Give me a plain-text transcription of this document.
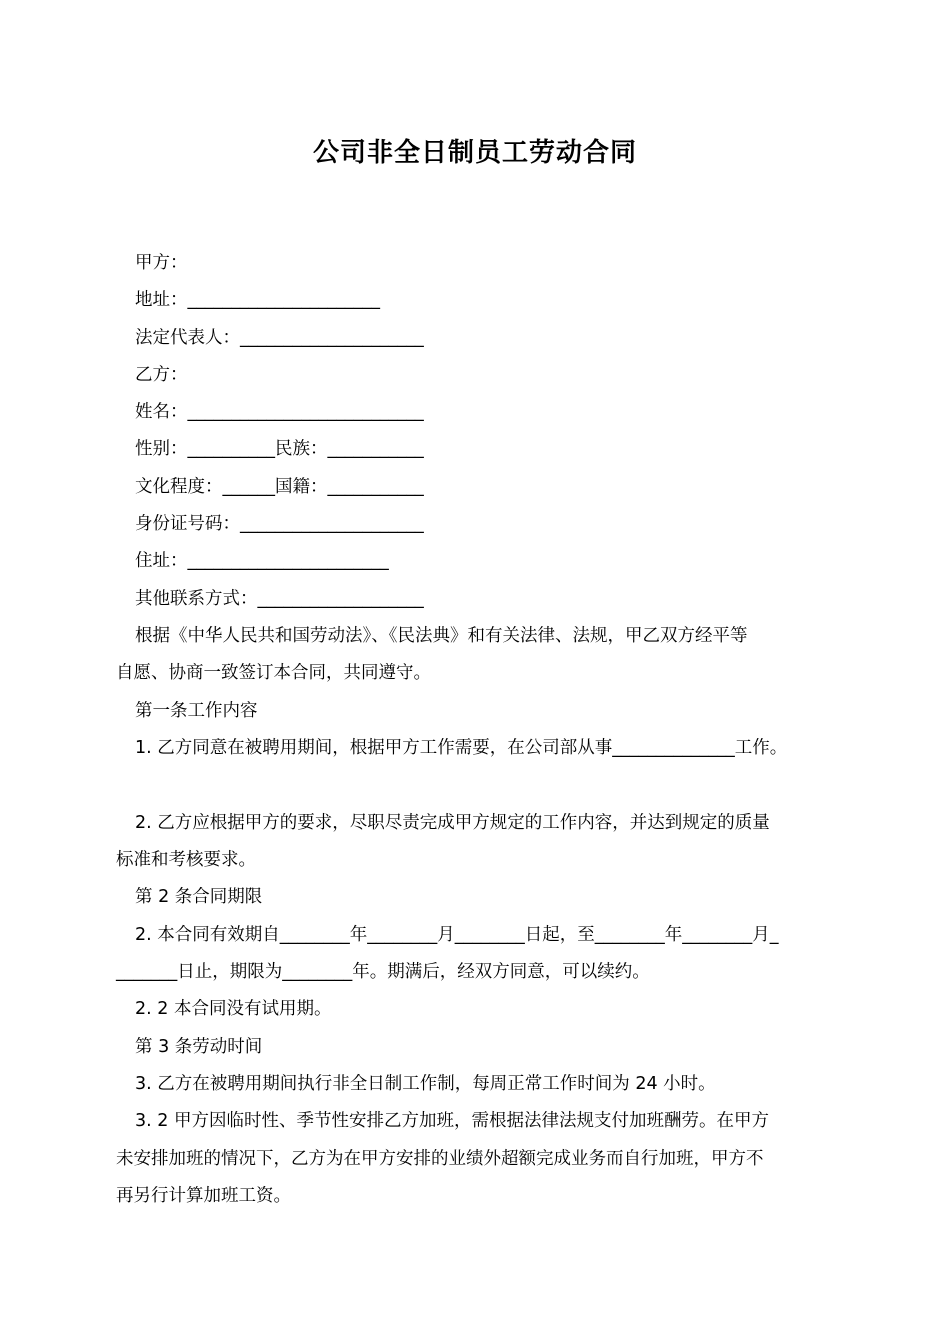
公司非全日制员工劳动合同
甲方：
地址：______________________
法定代表人：_____________________
乙方：
姓名：___________________________
性别：__________民族：___________
文化程度：______国籍：___________
身份证号码：_____________________
住址：_______________________
其他联系方式：___________________
根据《中华人民共和国劳动法》、《民法典》和有关法律、法规，甲乙双方经平等
自愿、协商一致签订本合同，共同遵守。
第一条工作内容
1. 乙方同意在被聘用期间，根据甲方工作需要，在公司部从事______________工作。
2. 乙方应根据甲方的要求，尽职尽责完成甲方规定的工作内容，并达到规定的质量
标准和考核要求。
第 2 条合同期限
2. 本合同有效期自________年________月________日起，至________年________月_
_______日止，期限为________年。期满后，经双方同意，可以续约。
2. 2 本合同没有试用期。
第 3 条劳动时间
3. 乙方在被聘用期间执行非全日制工作制，每周正常工作时间为 24 小时。
3. 2 甲方因临时性、季节性安排乙方加班，需根据法律法规支付加班酬劳。在甲方
未安排加班的情况下，乙方为在甲方安排的业绩外超额完成业务而自行加班，甲方不
再另行计算加班工资。
